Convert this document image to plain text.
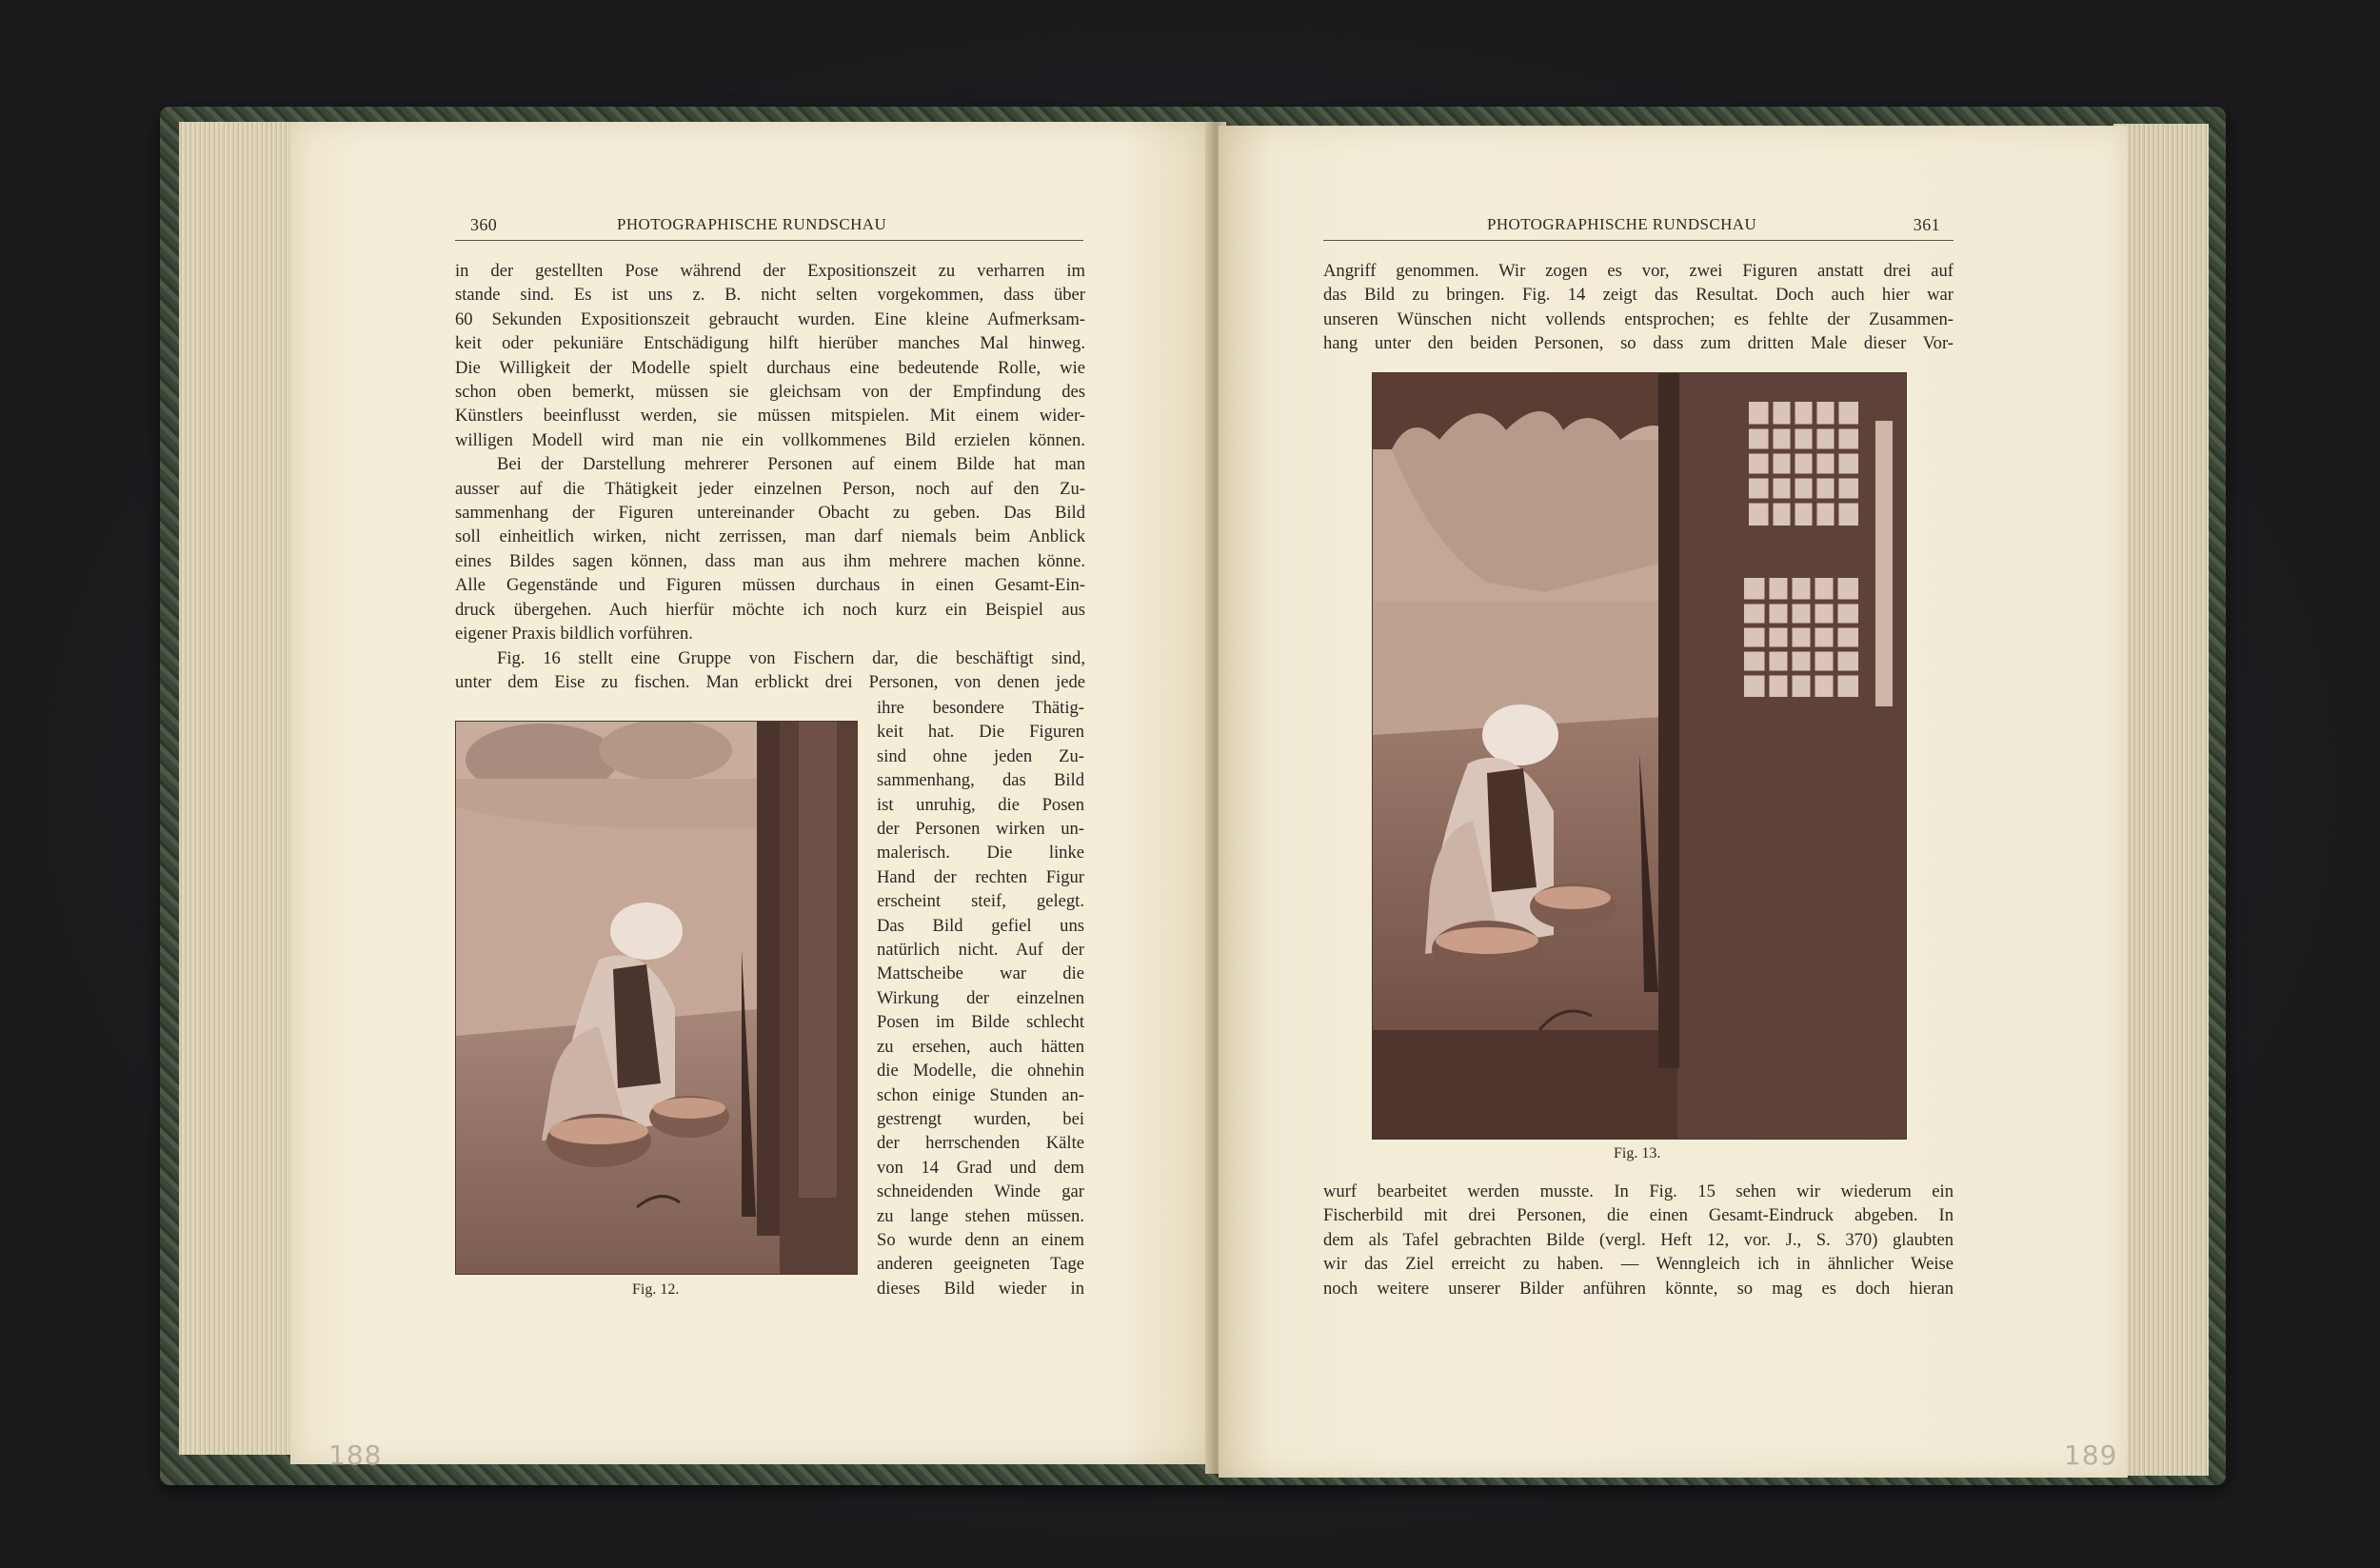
360	PHOTOGRAPHISCHE RUNDSCHAU
in der gestellten Pose während der Expositionszeit zu verharren im
stande sind. Es ist uns z. B. nicht selten vorgekommen, dass über
60 Sekunden Expositionszeit gebraucht wurden. Eine kleine Aufmerksam-
keit oder pekuniäre Entschädigung hilft hierüber manches Mal hinweg.
Die Willigkeit der Modelle spielt durchaus eine bedeutende Rolle, wie
schon oben bemerkt, müssen sie gleichsam von der Empfindung des
Künstlers beeinflusst werden, sie müssen mitspielen. Mit einem wider-
willigen Modell wird man nie ein vollkommenes Bild erzielen können.
Bei der Darstellung mehrerer Personen auf einem Bilde hat man
ausser auf die Thätigkeit jeder einzelnen Person, noch auf den Zu-
sammenhang der Figuren untereinander Obacht zu geben. Das Bild
soll einheitlich wirken, nicht zerrissen, man darf niemals beim Anblick
eines Bildes sagen können, dass man aus ihm mehrere machen könne.
Alle Gegenstände und Figuren müssen durchaus in einen Gesamt-Ein-
druck übergehen. Auch hierfür möchte ich noch kurz ein Beispiel aus
eigener Praxis bildlich vorführen.
Fig. 16 stellt eine Gruppe von Fischern dar, die beschäftigt sind,
unter dem Eise zu fischen. Man erblickt drei Personen, von denen jede
Fig. 12.
ihre besondere Thätig-
keit hat. Die Figuren
sind ohne jeden Zu-
sammenhang, das Bild
ist unruhig, die Posen
der Personen wirken un-
malerisch. Die linke
Hand der rechten Figur
erscheint steif, gelegt.
Das Bild gefiel uns
natürlich nicht. Auf der
Mattscheibe war die
Wirkung der einzelnen
Posen im Bilde schlecht
zu ersehen, auch hätten
die Modelle, die ohnehin
schon einige Stunden an-
gestrengt wurden, bei
der herrschenden Kälte
von 14 Grad und dem
schneidenden Winde gar
zu lange stehen müssen.
So wurde denn an einem
anderen geeigneten Tage
dieses Bild wieder in
188
PHOTOGRAPHISCHE RUNDSCHAU	361
Angriff genommen. Wir zogen es vor, zwei Figuren anstatt drei auf
das Bild zu bringen. Fig. 14 zeigt das Resultat. Doch auch hier war
unseren Wünschen nicht vollends entsprochen; es fehlte der Zusammen-
hang unter den beiden Personen, so dass zum dritten Male dieser Vor-
Fig. 13.
wurf bearbeitet werden musste. In Fig. 15 sehen wir wiederum ein
Fischerbild mit drei Personen, die einen Gesamt-Eindruck abgeben. In
dem als Tafel gebrachten Bilde (vergl. Heft 12, vor. J., S. 370) glaubten
wir das Ziel erreicht zu haben. — Wenngleich ich in ähnlicher Weise
noch weitere unserer Bilder anführen könnte, so mag es doch hieran
189
